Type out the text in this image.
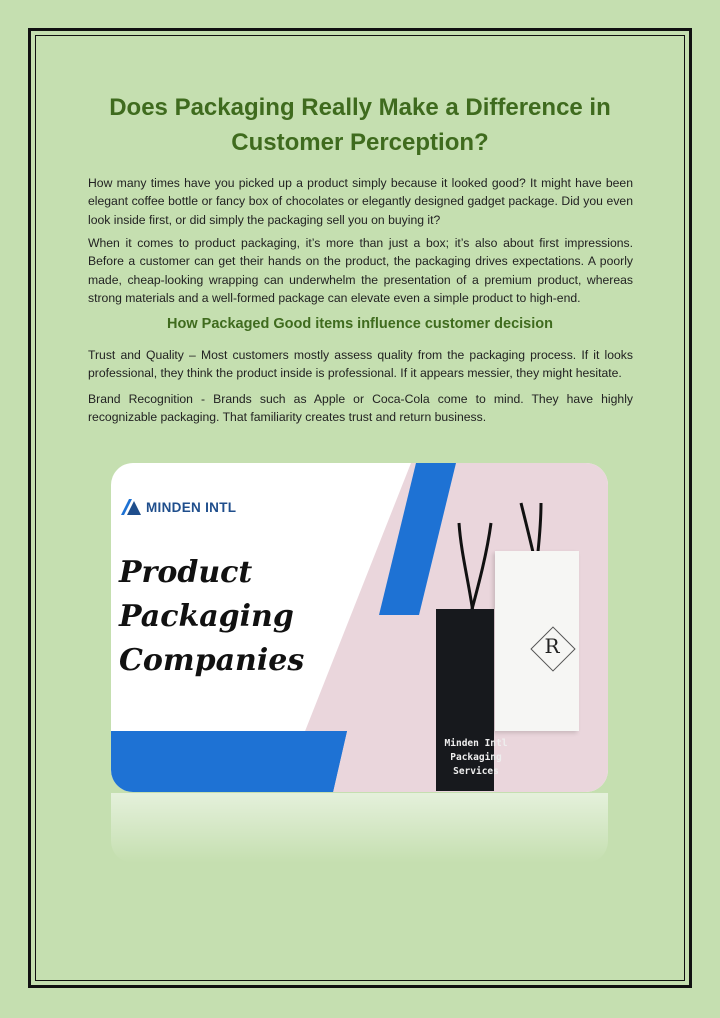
Does Packaging Really Make a Difference in
Customer Perception?

How many times have you picked up a product simply because it looked good? It might have been elegant coffee bottle or fancy box of chocolates or elegantly designed gadget package. Did you even look inside first, or did simply the packaging sell you on buying it?

When it comes to product packaging, it’s more than just a box; it’s also about first impressions. Before a customer can get their hands on the product, the packaging drives expectations. A poorly made, cheap-looking wrapping can underwhelm the presentation of a premium product, whereas strong materials and a well-formed package can elevate even a simple product to high-end.

How Packaged Good items influence customer decision

Trust and Quality – Most customers mostly assess quality from the packaging process. If it looks professional, they think the product inside is professional. If it appears messier, they might hesitate.

Brand Recognition - Brands such as Apple or Coca-Cola come to mind. They have highly recognizable packaging. That familiarity creates trust and return business.

MINDEN INTL
Product
Packaging
Companies	R

Minden Intl
Packaging
Services
